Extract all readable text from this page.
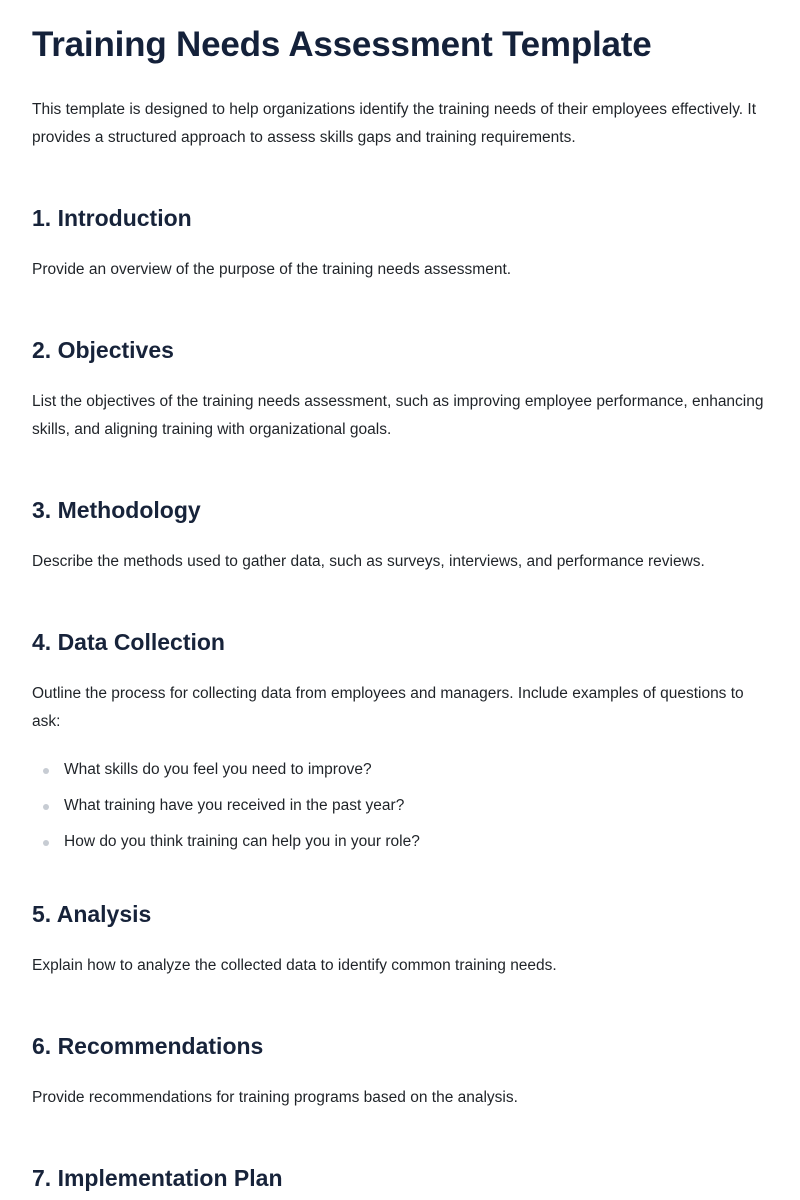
Training Needs Assessment Template

This template is designed to help organizations identify the training needs of their employees effectively. It provides a structured approach to assess skills gaps and training requirements.

1. Introduction

Provide an overview of the purpose of the training needs assessment.

2. Objectives

List the objectives of the training needs assessment, such as improving employee performance, enhancing skills, and aligning training with organizational goals.

3. Methodology

Describe the methods used to gather data, such as surveys, interviews, and performance reviews.

4. Data Collection

Outline the process for collecting data from employees and managers. Include examples of questions to ask:

What skills do you feel you need to improve?
What training have you received in the past year?
How do you think training can help you in your role?
5. Analysis

Explain how to analyze the collected data to identify common training needs.

6. Recommendations

Provide recommendations for training programs based on the analysis.

7. Implementation Plan
